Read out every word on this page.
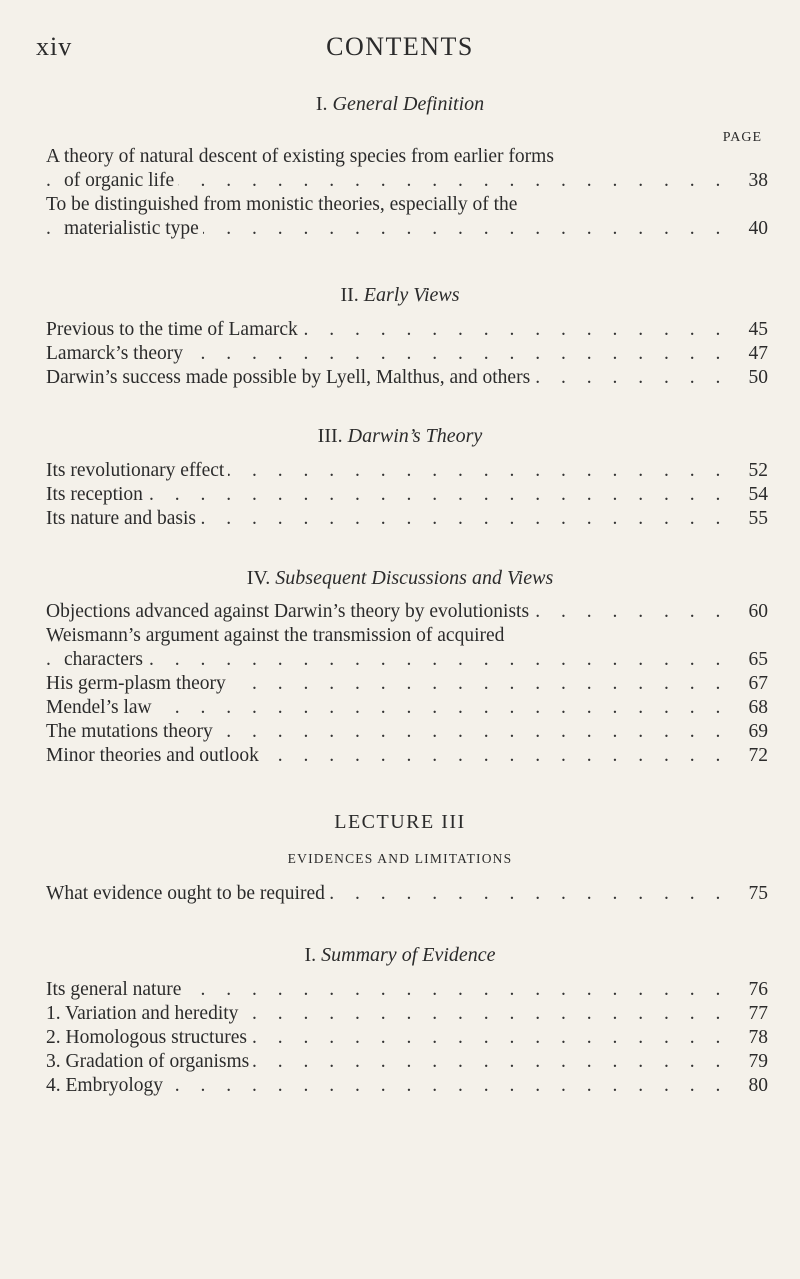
xiv	CONTENTS
I. General Definition
PAGE
A theory of natural descent of existing species from earlier forms
. . .
of organic life	38
To be distinguished from monistic theories, especially of the
. . .
materialistic type	40
II. Early Views
. . .
Previous to the time of Lamarck	45
. . .
Lamarck’s theory	47
. . .
Darwin’s success made possible by Lyell, Malthus, and others	50
III. Darwin’s Theory
. . .
Its revolutionary effect	52
. . .
Its reception	54
. . .
Its nature and basis	55
IV. Subsequent Discussions and Views
. . .
Objections advanced against Darwin’s theory by evolutionists	60
Weismann’s argument against the transmission of acquired
. . .
characters	65
. . .
His germ-plasm theory	67
. . .
Mendel’s law	68
. . .
The mutations theory	69
. . .
Minor theories and outlook	72
LECTURE III
EVIDENCES AND LIMITATIONS
. . .
What evidence ought to be required	75
I. Summary of Evidence
. . .
Its general nature	76
. . .
1. Variation and heredity	77
. . .
2. Homologous structures	78
. . .
3. Gradation of organisms	79
. . .
4. Embryology	80
